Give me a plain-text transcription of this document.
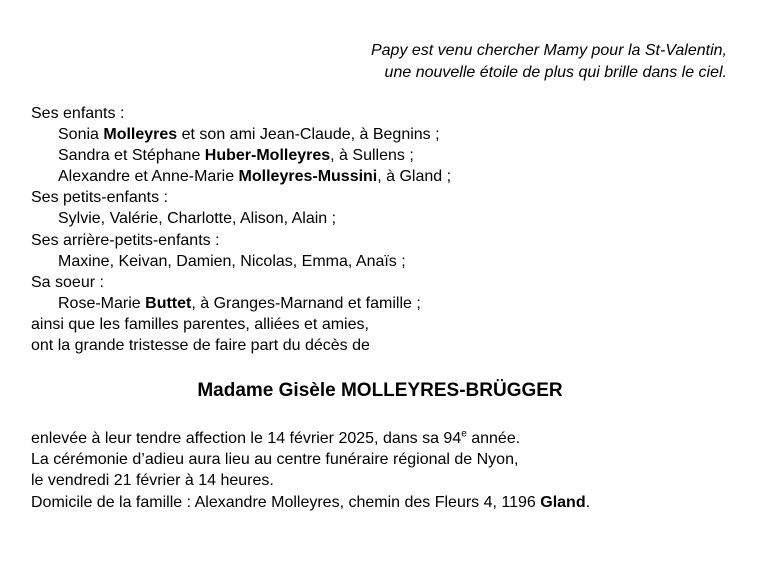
Papy est venu chercher Mamy pour la St-Valentin,
une nouvelle étoile de plus qui brille dans le ciel.
Ses enfants :
Sonia Molleyres et son ami Jean-Claude, à Begnins ;
Sandra et Stéphane Huber-Molleyres, à Sullens ;
Alexandre et Anne-Marie Molleyres-Mussini, à Gland ;
Ses petits-enfants :
Sylvie, Valérie, Charlotte, Alison, Alain ;
Ses arrière-petits-enfants :
Maxine, Keivan, Damien, Nicolas, Emma, Anaïs ;
Sa soeur :
Rose-Marie Buttet, à Granges-Marnand et famille ;
ainsi que les familles parentes, alliées et amies,
ont la grande tristesse de faire part du décès de
Madame Gisèle MOLLEYRES-BRÜGGER
enlevée à leur tendre affection le 14 février 2025, dans sa 94e année.
La cérémonie d’adieu aura lieu au centre funéraire régional de Nyon,
le vendredi 21 février à 14 heures.
Domicile de la famille : Alexandre Molleyres, chemin des Fleurs 4, 1196 Gland.
